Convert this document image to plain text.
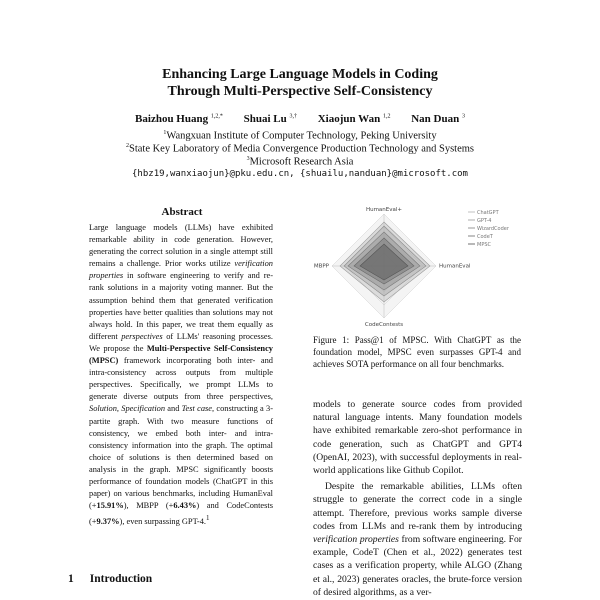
Enhancing Large Language Models in Coding
Through Multi-Perspective Self-Consistency
Baizhou Huang $^{1,2,*}$ Shuai Lu $^{3,\dagger}$ Xiaojun Wan $^{1,2}$ Nan Duan $^3$
$^1$Wangxuan Institute of Computer Technology, Peking University
$^2$State Key Laboratory of Media Convergence Production Technology and Systems
$^3$Microsoft Research Asia
{hbz19,wanxiaojun}@pku.edu.cn, {shuailu,nanduan}@microsoft.com
Abstract
Large language models (LLMs) have exhibited remarkable ability in code generation. However, generating the correct solution in a single attempt still remains a challenge. Prior works utilize verification properties in software engineering to verify and re-rank solutions in a majority voting manner. But the assumption behind them that generated verification properties have better qualities than solutions may not always hold. In this paper, we treat them equally as different perspectives of LLMs' reasoning processes. We propose the Multi-Perspective Self-Consistency (MPSC) framework incorporating both inter- and intra-consistency across outputs from multiple perspectives. Specifically, we prompt LLMs to generate diverse outputs from three perspectives, Solution, Specification and Test case, constructing a 3-partite graph. With two measure functions of consistency, we embed both inter- and intra-consistency information into the graph. The optimal choice of solutions is then determined based on analysis in the graph. MPSC significantly boosts performance of foundation models (ChatGPT in this paper) on various benchmarks, including HumanEval (+15.91%), MBPP (+6.43%) and CodeContests (+9.37%), even surpassing GPT-4.$^1$
1 Introduction
HumanEval+
HumanEval
CodeContests
MBPP
ChatGPT
GPT-4
WizardCoder
CodeT
MPSC
Figure 1: Pass@1 of MPSC. With ChatGPT as the foundation model, MPSC even surpasses GPT-4 and achieves SOTA performance on all four benchmarks.

models to generate source codes from provided natural language intents. Many foundation models have exhibited remarkable zero-shot performance in code generation, such as ChatGPT and GPT4 (OpenAI, 2023), with successful deployments in real-world applications like Github Copilot.

Despite the remarkable abilities, LLMs often struggle to generate the correct code in a single attempt. Therefore, previous works sample diverse codes from LLMs and re-rank them by introducing verification properties from software engineering. For example, CodeT (Chen et al., 2022) generates test cases as a verification property, while ALGO (Zhang et al., 2023) generates oracles, the brute-force version of desired algorithms, as a ver-
